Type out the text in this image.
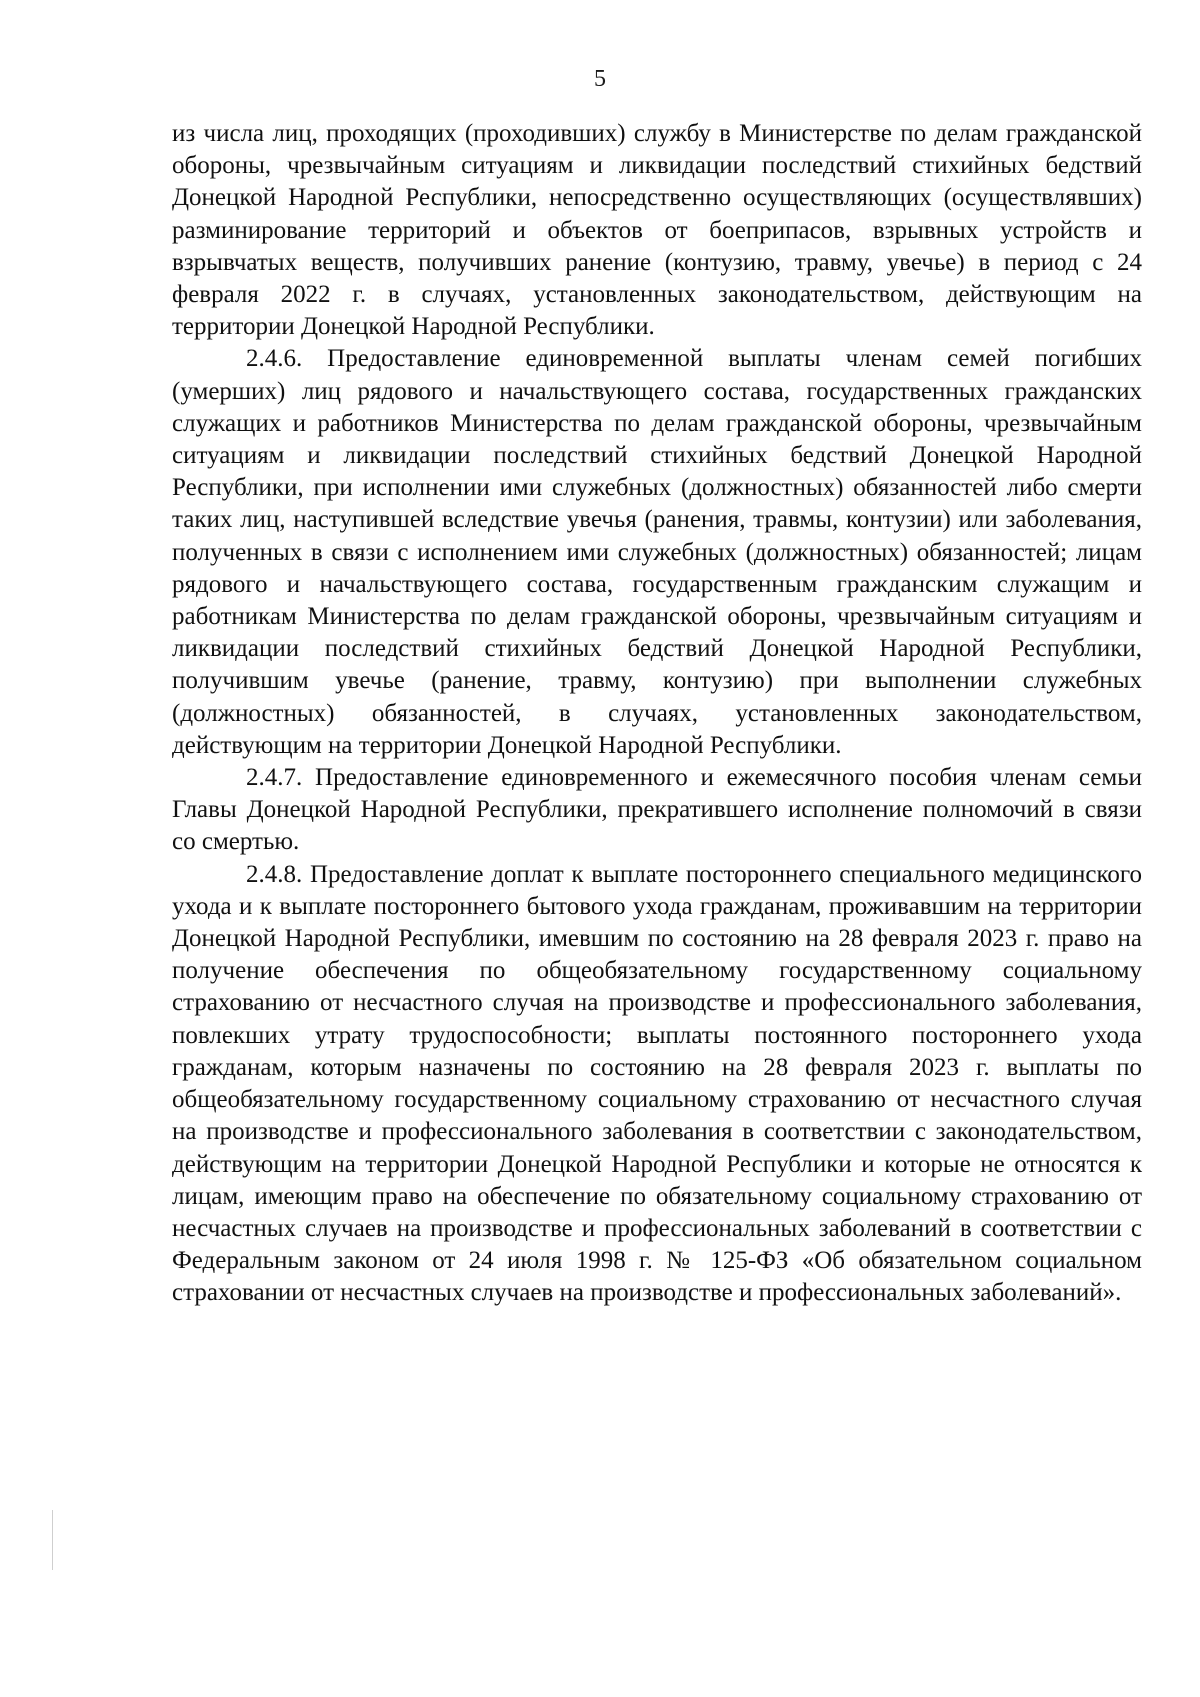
5

из числа лиц, проходящих (проходивших) службу в Министерстве по делам гражданской обороны, чрезвычайным ситуациям и ликвидации последствий стихийных бедствий Донецкой Народной Республики, непосредственно осуществляющих (осуществлявших) разминирование территорий и объектов от боеприпасов, взрывных устройств и взрывчатых веществ, получивших ранение (контузию, травму, увечье) в период с 24 февраля 2022 г. в случаях, установленных законодательством, действующим на территории Донецкой Народной Республики.

2.4.6. Предоставление единовременной выплаты членам семей погибших (умерших) лиц рядового и начальствующего состава, государственных гражданских служащих и работников Министерства по делам гражданской обороны, чрезвычайным ситуациям и ликвидации последствий стихийных бедствий Донецкой Народной Республики, при исполнении ими служебных (должностных) обязанностей либо смерти таких лиц, наступившей вследствие увечья (ранения, травмы, контузии) или заболевания, полученных в связи с исполнением ими служебных (должностных) обязанностей; лицам рядового и начальствующего состава, государственным гражданским служащим и работникам Министерства по делам гражданской обороны, чрезвычайным ситуациям и ликвидации последствий стихийных бедствий Донецкой Народной Республики, получившим увечье (ранение, травму, контузию) при выполнении служебных (должностных) обязанностей, в случаях, установленных законодательством, действующим на территории Донецкой Народной Республики.

2.4.7. Предоставление единовременного и ежемесячного пособия членам семьи Главы Донецкой Народной Республики, прекратившего исполнение полномочий в связи со смертью.

2.4.8. Предоставление доплат к выплате постороннего специального медицинского ухода и к выплате постороннего бытового ухода гражданам, проживавшим на территории Донецкой Народной Республики, имевшим по состоянию на 28 февраля 2023 г. право на получение обеспечения по общеобязательному государственному социальному страхованию от несчастного случая на производстве и профессионального заболевания, повлекших утрату трудоспособности; выплаты постоянного постороннего ухода гражданам, которым назначены по состоянию на 28 февраля 2023 г. выплаты по общеобязательному государственному социальному страхованию от несчастного случая на производстве и профессионального заболевания в соответствии с законодательством, действующим на территории Донецкой Народной Республики и которые не относятся к лицам, имеющим право на обеспечение по обязательному социальному страхованию от несчастных случаев на производстве и профессиональных заболеваний в соответствии с Федеральным законом от 24 июля 1998 г. № 125-ФЗ «Об обязательном социальном страховании от несчастных случаев на производстве и профессиональных заболеваний».
